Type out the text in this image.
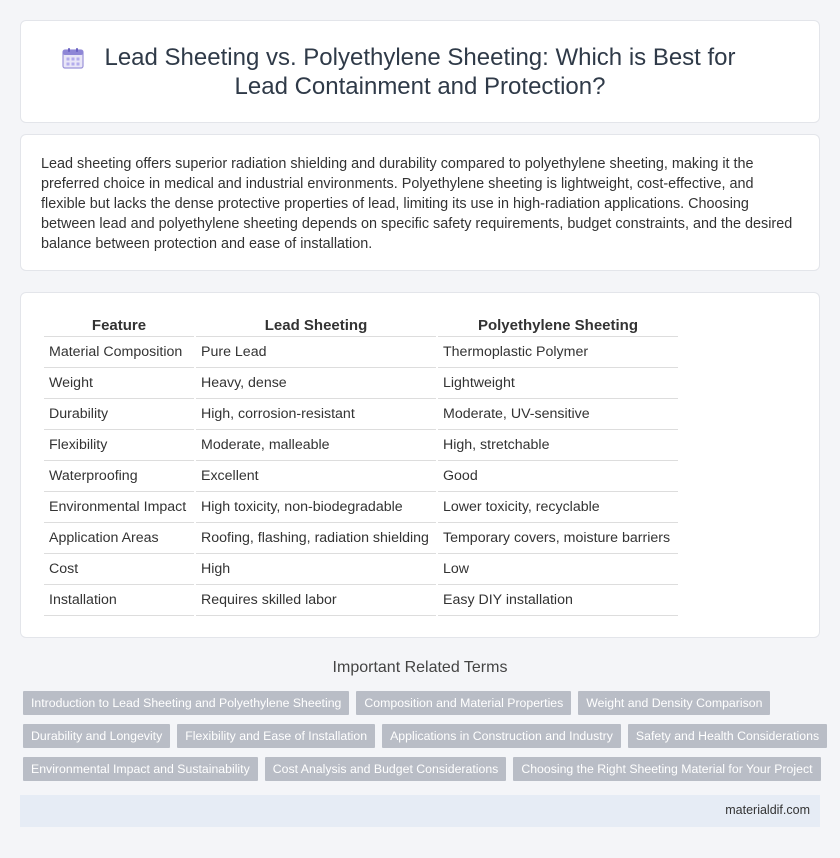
Lead Sheeting vs. Polyethylene Sheeting: Which is Best for Lead Containment and Protection?

Lead sheeting offers superior radiation shielding and durability compared to polyethylene sheeting, making it the preferred choice in medical and industrial environments. Polyethylene sheeting is lightweight, cost-effective, and flexible but lacks the dense protective properties of lead, limiting its use in high-radiation applications. Choosing between lead and polyethylene sheeting depends on specific safety requirements, budget constraints, and the desired balance between protection and ease of installation.

Feature	Lead Sheeting	Polyethylene Sheeting
Material Composition	Pure Lead	Thermoplastic Polymer
Weight	Heavy, dense	Lightweight
Durability	High, corrosion-resistant	Moderate, UV-sensitive
Flexibility	Moderate, malleable	High, stretchable
Waterproofing	Excellent	Good
Environmental Impact	High toxicity, non-biodegradable	Lower toxicity, recyclable
Application Areas	Roofing, flashing, radiation shielding	Temporary covers, moisture barriers
Cost	High	Low
Installation	Requires skilled labor	Easy DIY installation
Important Related Terms
Introduction to Lead Sheeting and Polyethylene Sheeting	Composition and Material Properties	Weight and Density Comparison
Durability and Longevity	Flexibility and Ease of Installation	Applications in Construction and Industry	Safety and Health Considerations
Environmental Impact and Sustainability	Cost Analysis and Budget Considerations	Choosing the Right Sheeting Material for Your Project
materialdif.com
